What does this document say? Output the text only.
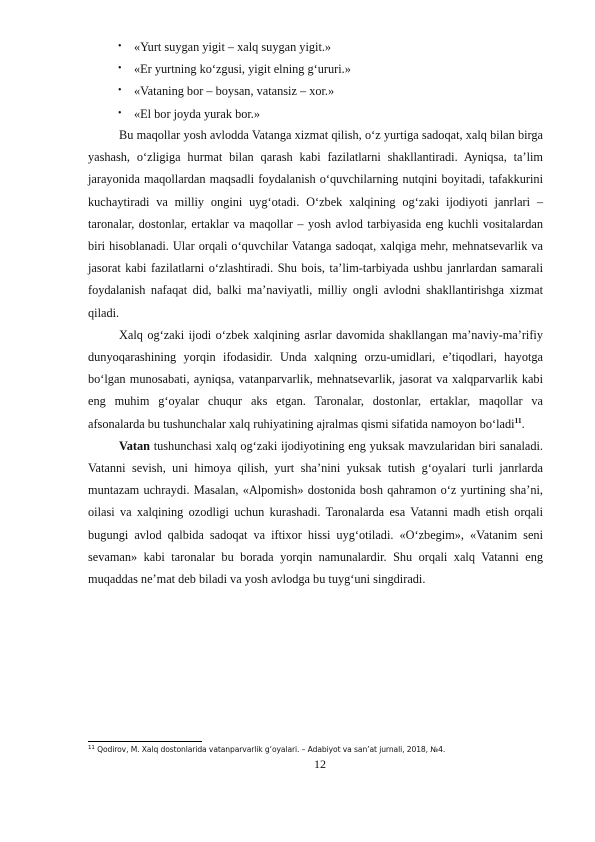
• «Yurt suygan yigit – xalq suygan yigit.»
• «Er yurtning ko‘zgusi, yigit elning g‘ururi.»
• «Vataning bor – boysan, vatansiz – xor.»
• «El bor joyda yurak bor.»

Bu maqollar yosh avlodda Vatanga xizmat qilish, o‘z yurtiga sadoqat, xalq bilan birga yashash, o‘zligiga hurmat bilan qarash kabi fazilatlarni shakllantiradi. Ayniqsa, ta’lim jarayonida maqollardan maqsadli foydalanish o‘quvchilarning nutqini boyitadi, tafakkurini kuchaytiradi va milliy ongini uyg‘otadi. O‘zbek xalqining og‘zaki ijodiyoti janrlari – taronalar, dostonlar, ertaklar va maqollar – yosh avlod tarbiyasida eng kuchli vositalardan biri hisoblanadi. Ular orqali o‘quvchilar Vatanga sadoqat, xalqiga mehr, mehnatsevarlik va jasorat kabi fazilatlarni o‘zlashtiradi. Shu bois, ta’lim-tarbiyada ushbu janrlardan samarali foydalanish nafaqat did, balki ma’naviyatli, milliy ongli avlodni shakllantirishga xizmat qiladi.

Xalq og‘zaki ijodi o‘zbek xalqining asrlar davomida shakllangan ma’naviy-ma’rifiy dunyoqarashining yorqin ifodasidir. Unda xalqning orzu-umidlari, e’tiqodlari, hayotga bo‘lgan munosabati, ayniqsa, vatanparvarlik, mehnatsevarlik, jasorat va xalqparvarlik kabi eng muhim g‘oyalar chuqur aks etgan. Taronalar, dostonlar, ertaklar, maqollar va afsonalarda bu tushunchalar xalq ruhiyatining ajralmas qismi sifatida namoyon bo‘ladi$^{11}$.

Vatan tushunchasi xalq og‘zaki ijodiyotining eng yuksak mavzularidan biri sanaladi. Vatanni sevish, uni himoya qilish, yurt sha’nini yuksak tutish g‘oyalari turli janrlarda muntazam uchraydi. Masalan, «Alpomish» dostonida bosh qahramon o‘z yurtining sha’ni, oilasi va xalqining ozodligi uchun kurashadi. Taronalarda esa Vatanni madh etish orqali bugungi avlod qalbida sadoqat va iftixor hissi uyg‘otiladi. «O‘zbegim», «Vatanim seni sevaman» kabi taronalar bu borada yorqin namunalardir. Shu orqali xalq Vatanni eng muqaddas ne’mat deb biladi va yosh avlodga bu tuyg‘uni singdiradi.

$^{11}$ Qodirov, M. Xalq dostonlarida vatanparvarlik g‘oyalari. – Adabiyot va san’at jurnali, 2018, №4.
12
